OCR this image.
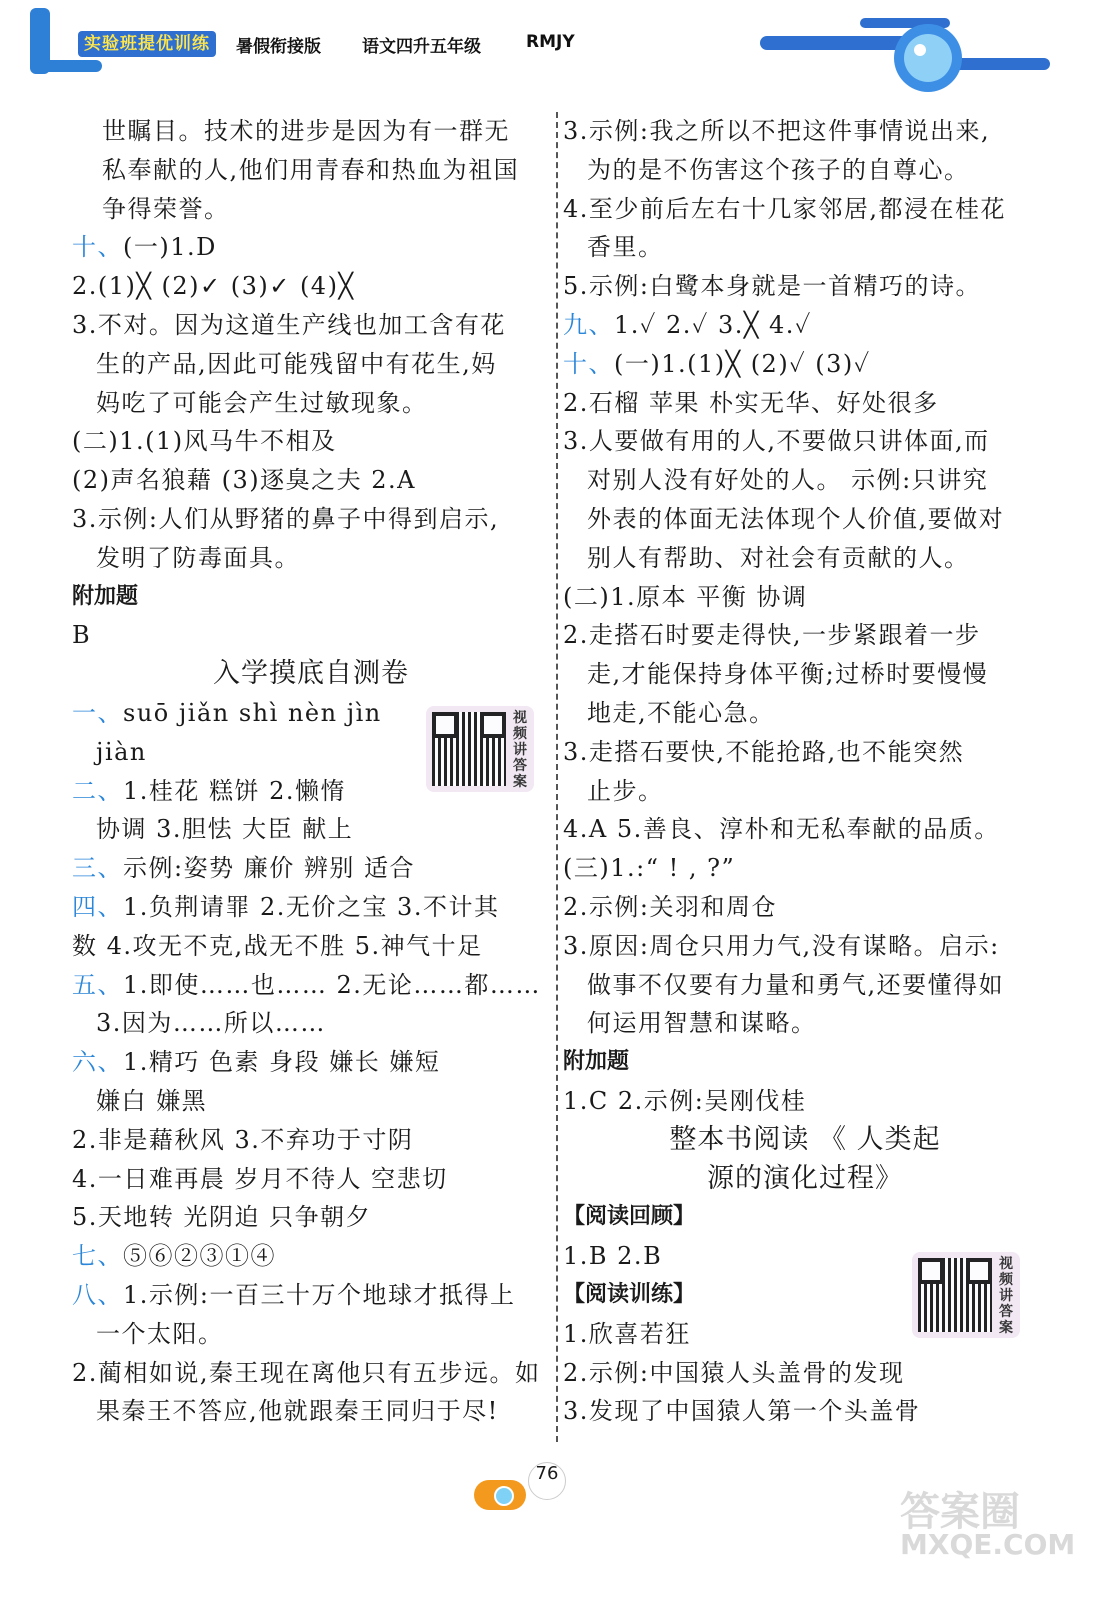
实验班提优训练	暑假衔接版 语文四升五年级	RMJY
世瞩目。技术的进步是因为有一群无
私奉献的人,他们用青春和热血为祖国
争得荣誉。
十、(一)1.D
2.(1)╳ (2)✓ (3)✓ (4)╳
3.不对。因为这道生产线也加工含有花
生的产品,因此可能残留中有花生,妈
妈吃了可能会产生过敏现象。
(二)1.(1)风马牛不相及
(2)声名狼藉 (3)逐臭之夫 2.A
3.示例:人们从野猪的鼻子中得到启示,
发明了防毒面具。
附加题
B
入学摸底自测卷
一、suō jiǎn shì nèn jìn
jiàn
二、1.桂花 糕饼 2.懒惰
协调 3.胆怯 大臣 献上
三、示例:姿势 廉价 辨别 适合
四、1.负荆请罪 2.无价之宝 3.不计其
数 4.攻无不克,战无不胜 5.神气十足
五、1.即使……也…… 2.无论……都……
3.因为……所以……
六、1.精巧 色素 身段 嫌长 嫌短
嫌白 嫌黑
2.非是藉秋风 3.不弃功于寸阴
4.一日难再晨 岁月不待人 空悲切
5.天地转 光阴迫 只争朝夕
七、⑤⑥②③①④
八、1.示例:一百三十万个地球才抵得上
一个太阳。
2.蔺相如说,秦王现在离他只有五步远。如
果秦王不答应,他就跟秦王同归于尽!
3.示例:我之所以不把这件事情说出来,
为的是不伤害这个孩子的自尊心。
4.至少前后左右十几家邻居,都浸在桂花
香里。
5.示例:白鹭本身就是一首精巧的诗。
九、1.✓ 2.✓ 3.╳ 4.✓
十、(一)1.(1)╳ (2)✓ (3)✓
2.石榴 苹果 朴实无华、好处很多
3.人要做有用的人,不要做只讲体面,而
对别人没有好处的人。 示例:只讲究
外表的体面无法体现个人价值,要做对
别人有帮助、对社会有贡献的人。
(二)1.原本 平衡 协调
2.走搭石时要走得快,一步紧跟着一步
走,才能保持身体平衡;过桥时要慢慢
地走,不能心急。
3.走搭石要快,不能抢路,也不能突然
止步。
4.A 5.善良、淳朴和无私奉献的品质。
(三)1.:“ ! , ?”
2.示例:关羽和周仓
3.原因:周仓只用力气,没有谋略。启示:
做事不仅要有力量和勇气,还要懂得如
何运用智慧和谋略。
附加题
1.C 2.示例:吴刚伐桂
整本书阅读 《 人类起
源的演化过程》
【阅读回顾】
1.B 2.B
【阅读训练】
1.欣喜若狂
2.示例:中国猿人头盖骨的发现
3.发现了中国猿人第一个头盖骨
视频讲答案
视频讲答案
76
答案圈
MXQE.COM
